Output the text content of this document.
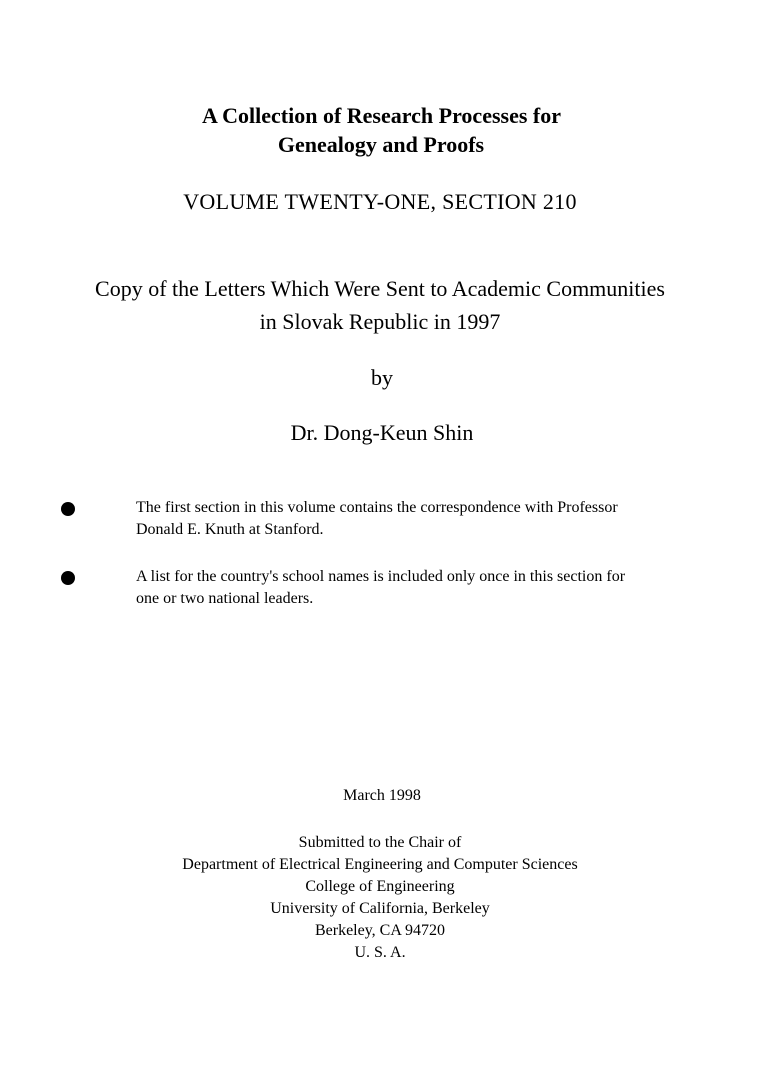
A Collection of Research Processes for
Genealogy and Proofs
VOLUME TWENTY-ONE, SECTION 210
Copy of the Letters Which Were Sent to Academic Communities
in Slovak Republic in 1997
by
Dr. Dong-Keun Shin
The first section in this volume contains the correspondence with Professor
Donald E. Knuth at Stanford.
A list for the country's school names is included only once in this section for
one or two national leaders.
March 1998
Submitted to the Chair of
Department of Electrical Engineering and Computer Sciences
College of Engineering
University of California, Berkeley
Berkeley, CA 94720
U. S. A.
